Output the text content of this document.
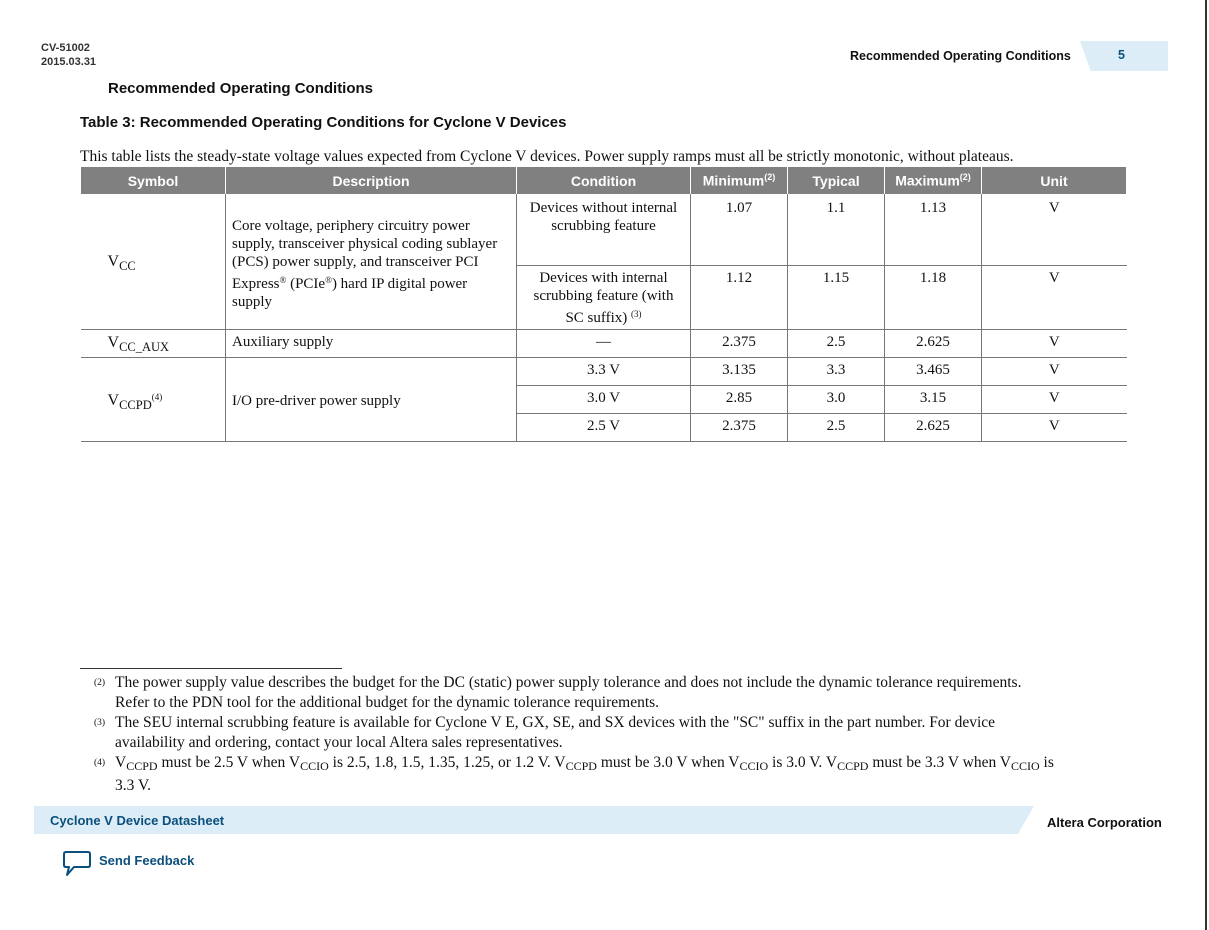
CV-51002
2015.03.31	Recommended Operating Conditions	5
Recommended Operating Conditions
Table 3: Recommended Operating Conditions for Cyclone V Devices
This table lists the steady-state voltage values expected from Cyclone V devices. Power supply ramps must all be strictly monotonic, without plateaus.
Symbol	Description	Condition	Minimum$^{(2)}$	Typical	Maximum$^{(2)}$	Unit
$V_{CC}$	Core voltage, periphery circuitry power supply, transceiver physical coding sublayer (PCS) power supply, and transceiver PCI Express® (PCIe®) hard IP digital power supply	Devices without internal scrubbing feature	1.07	1.1	1.13	V
		Devices with internal scrubbing feature (with SC suffix) $^{(3)}$	1.12	1.15	1.18	V
$V_{CC\_AUX}$	Auxiliary supply	—	2.375	2.5	2.625	V
$V_{CCPD}^{(4)}$	I/O pre-driver power supply	3.3 V	3.135	3.3	3.465	V
		3.0 V	2.85	3.0	3.15	V
		2.5 V	2.375	2.5	2.625	V
(2) The power supply value describes the budget for the DC (static) power supply tolerance and does not include the dynamic tolerance requirements.
Refer to the PDN tool for the additional budget for the dynamic tolerance requirements.
(3) The SEU internal scrubbing feature is available for Cyclone V E, GX, SE, and SX devices with the "SC" suffix in the part number. For device
availability and ordering, contact your local Altera sales representatives.
(4) VCCPD must be 2.5 V when VCCIO is 2.5, 1.8, 1.5, 1.35, 1.25, or 1.2 V. VCCPD must be 3.0 V when VCCIO is 3.0 V. VCCPD must be 3.3 V when VCCIO is
3.3 V.
Cyclone V Device Datasheet	Altera Corporation
Send Feedback
